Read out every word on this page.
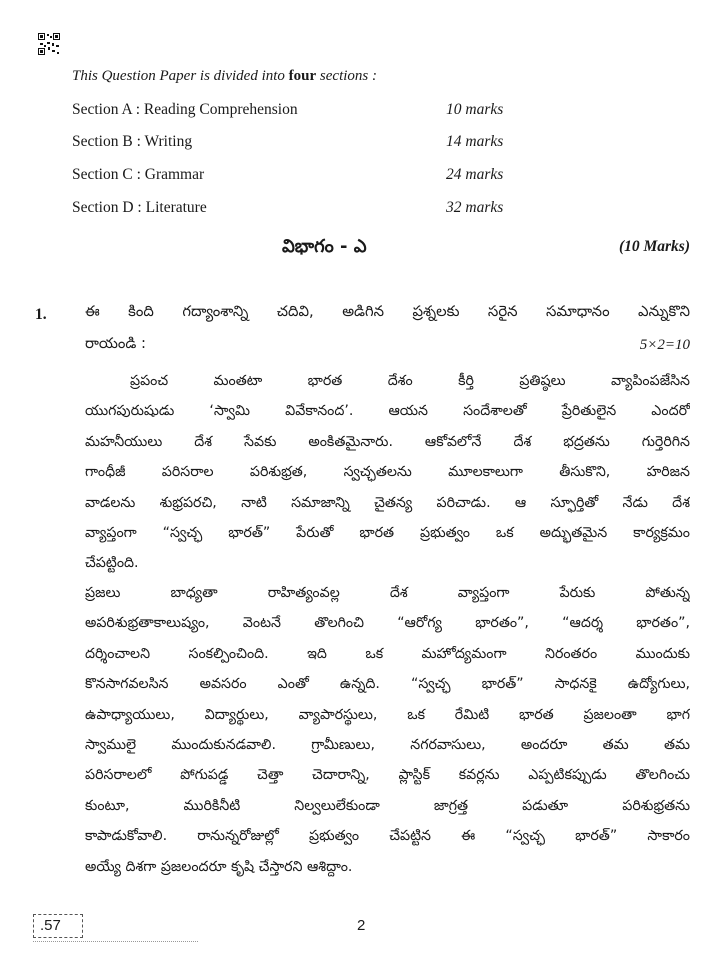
This Question Paper is divided into four sections :
Section A : Reading Comprehension	10 marks
Section B : Writing	14 marks
Section C : Grammar	24 marks
Section D : Literature	32 marks
విభాగం - ఎ	(10 Marks)
1.	ఈ కింది గద్యాంశాన్ని చదివి, అడిగిన ప్రశ్నలకు సరైన సమాధానం ఎన్నుకొని
రాయండి :	5×2=10
ప్రపంచ మంతటా భారత దేశం కీర్తి ప్రతిష్ఠలు వ్యాపింపజేసిన
యుగపురుషుడు ‘స్వామి వివేకానంద’. ఆయన సందేశాలతో ప్రేరితులైన ఎందరో
మహనీయులు దేశ సేవకు అంకితమైనారు. ఆకోవలోనే దేశ భద్రతను గుర్తెరిగిన
గాంధీజీ పరిసరాల పరిశుభ్రత, స్వచ్ఛతలను మూలకాలుగా తీసుకొని, హరిజన
వాడలను శుభ్రపరచి, నాటి సమాజాన్ని చైతన్య పరిచాడు. ఆ స్ఫూర్తితో నేడు దేశ
వ్యాప్తంగా “స్వచ్ఛ భారత్” పేరుతో భారత ప్రభుత్వం ఒక అద్భుతమైన కార్యక్రమం
చేపట్టింది.
ప్రజలు బాధ్యతా రాహిత్యంవల్ల దేశ వ్యాప్తంగా పేరుకు పోతున్న
అపరిశుభ్రతాకాలుష్యం, వెంటనే తొలగించి “ఆరోగ్య భారతం”, “ఆదర్శ భారతం”,
దర్శించాలని సంకల్పించింది. ఇది ఒక మహోద్యమంగా నిరంతరం ముందుకు
కొనసాగవలసిన అవసరం ఎంతో ఉన్నది. “స్వచ్ఛ భారత్” సాధనకై ఉద్యోగులు,
ఉపాధ్యాయులు, విద్యార్థులు, వ్యాపారస్థులు, ఒక రేమిటి భారత ప్రజలంతా భాగ
స్వాములై ముందుకునడవాలి. గ్రామీణులు, నగరవాసులు, అందరూ తమ తమ
పరిసరాలలో పోగుపడ్డ చెత్తా చెదారాన్ని, ప్లాస్టిక్ కవర్లను ఎప్పటికప్పుడు తొలగించు
కుంటూ, మురికినీటి నిల్వలులేకుండా జాగ్రత్త పడుతూ పరిశుభ్రతను
కాపాడుకోవాలి. రానున్నరోజుల్లో ప్రభుత్వం చేపట్టిన ఈ “స్వచ్ఛ భారత్” సాకారం
అయ్యే దిశగా ప్రజలందరూ కృషి చేస్తారని ఆశిద్దాం.
.57	2
